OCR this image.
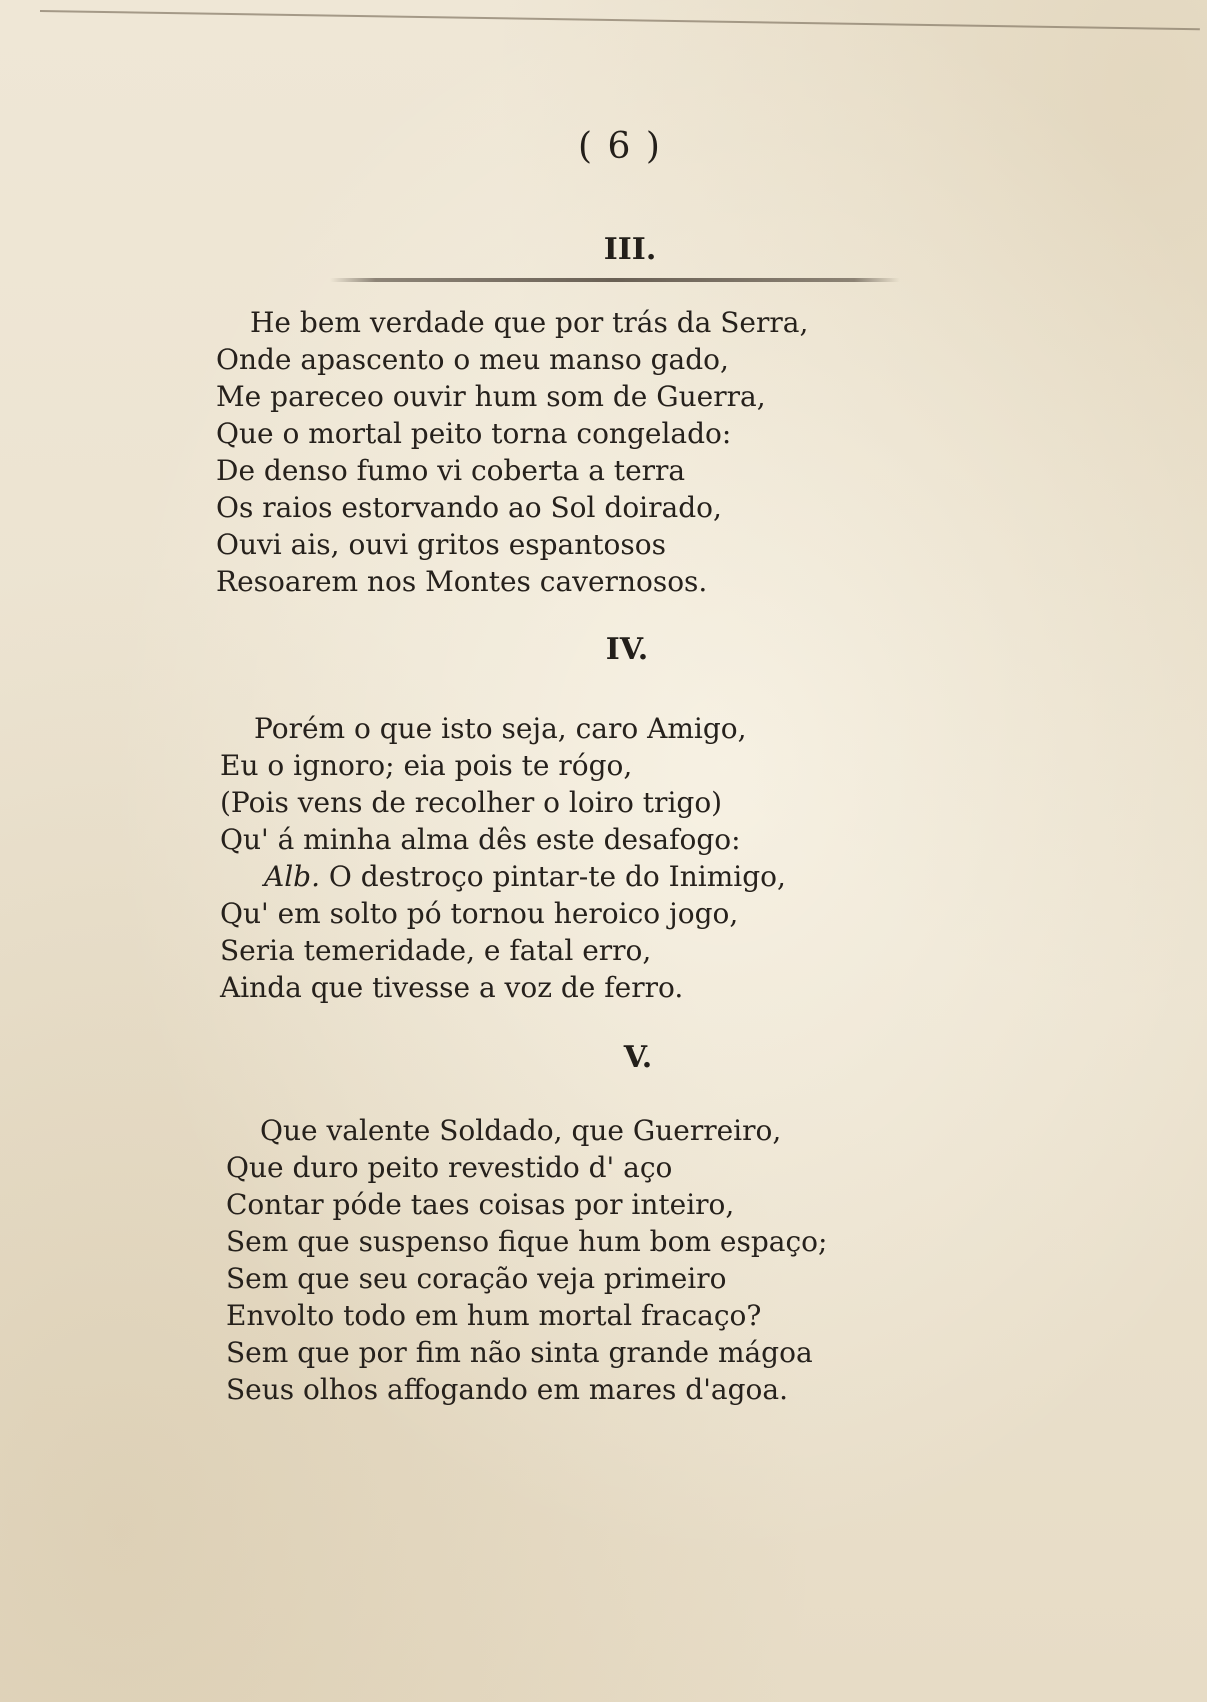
( 6 )
III.
He bem verdade que por trás da Serra,
Onde apascento o meu manso gado,
Me pareceo ouvir hum som de Guerra,
Que o mortal peito torna congelado:
De denso fumo vi coberta a terra
Os raios estorvando ao Sol doirado,
Ouvi ais, ouvi gritos espantosos
Resoarem nos Montes cavernosos.
IV.
Porém o que isto seja, caro Amigo,
Eu o ignoro; eia pois te rógo,
(Pois vens de recolher o loiro trigo)
Qu' á minha alma dês este desafogo:
Alb. O destroço pintar-te do Inimigo,
Qu' em solto pó tornou heroico jogo,
Seria temeridade, e fatal erro,
Ainda que tivesse a voz de ferro.
V.
Que valente Soldado, que Guerreiro,
Que duro peito revestido d' aço
Contar póde taes coisas por inteiro,
Sem que suspenso fique hum bom espaço;
Sem que seu coração veja primeiro
Envolto todo em hum mortal fracaço?
Sem que por fim não sinta grande mágoa
Seus olhos affogando em mares d'agoa.
